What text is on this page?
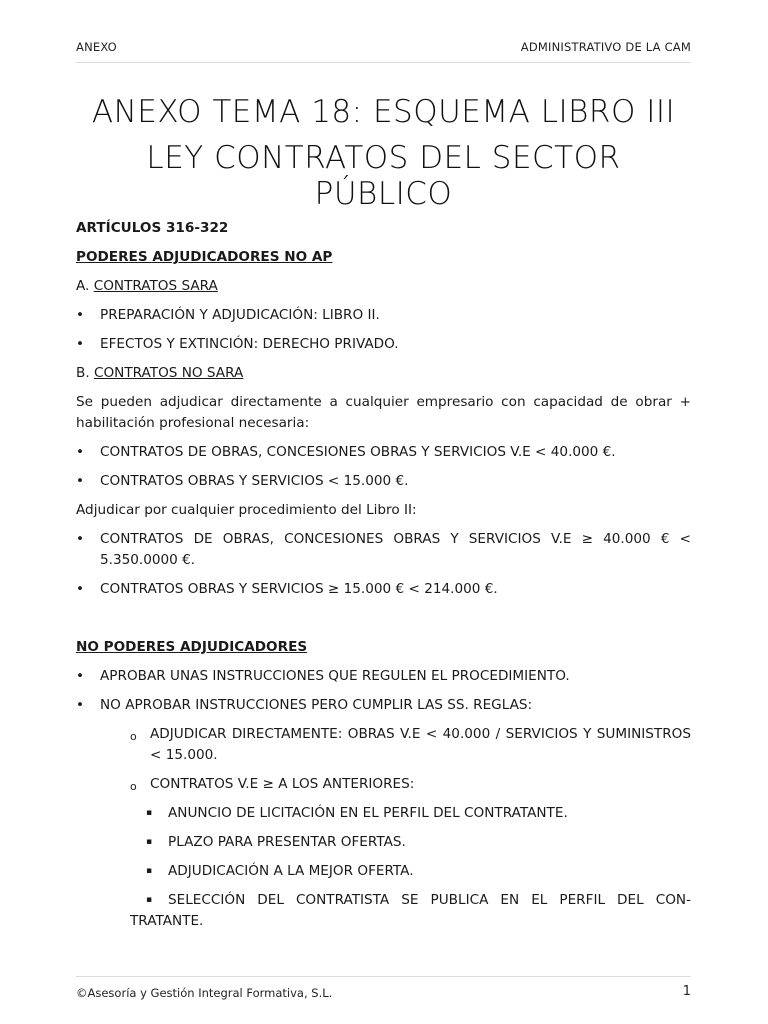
ANEXO	ADMINISTRATIVO DE LA CAM
ANEXO TEMA 18: ESQUEMA LIBRO III
LEY CONTRATOS DEL SECTOR PÚBLICO
ARTÍCULOS 316-322
PODERES ADJUDICADORES NO AP
A. CONTRATOS SARA
• PREPARACIÓN Y ADJUDICACIÓN: LIBRO II.
• EFECTOS Y EXTINCIÓN: DERECHO PRIVADO.
B. CONTRATOS NO SARA
Se pueden adjudicar directamente a cualquier empresario con capacidad de obrar + habilitación profesional necesaria:
• CONTRATOS DE OBRAS, CONCESIONES OBRAS Y SERVICIOS V.E < 40.000 €.
• CONTRATOS OBRAS Y SERVICIOS < 15.000 €.
Adjudicar por cualquier procedimiento del Libro II:
• CONTRATOS DE OBRAS, CONCESIONES OBRAS Y SERVICIOS V.E ≥ 40.000 € < 5.350.0000 €.
• CONTRATOS OBRAS Y SERVICIOS ≥ 15.000 € < 214.000 €.
NO PODERES ADJUDICADORES
• APROBAR UNAS INSTRUCCIONES QUE REGULEN EL PROCEDIMIENTO.
• NO APROBAR INSTRUCCIONES PERO CUMPLIR LAS SS. REGLAS:
o ADJUDICAR DIRECTAMENTE: OBRAS V.E < 40.000 / SERVICIOS Y SUMINISTROS < 15.000.
o CONTRATOS V.E ≥ A LOS ANTERIORES:
▪ ANUNCIO DE LICITACIÓN EN EL PERFIL DEL CONTRATANTE.
▪ PLAZO PARA PRESENTAR OFERTAS.
▪ ADJUDICACIÓN A LA MEJOR OFERTA.
▪	SELECCIÓN DEL CONTRATISTA SE PUBLICA EN EL PERFIL DEL CON-TRATANTE.
©Asesoría y Gestión Integral Formativa, S.L.	1
